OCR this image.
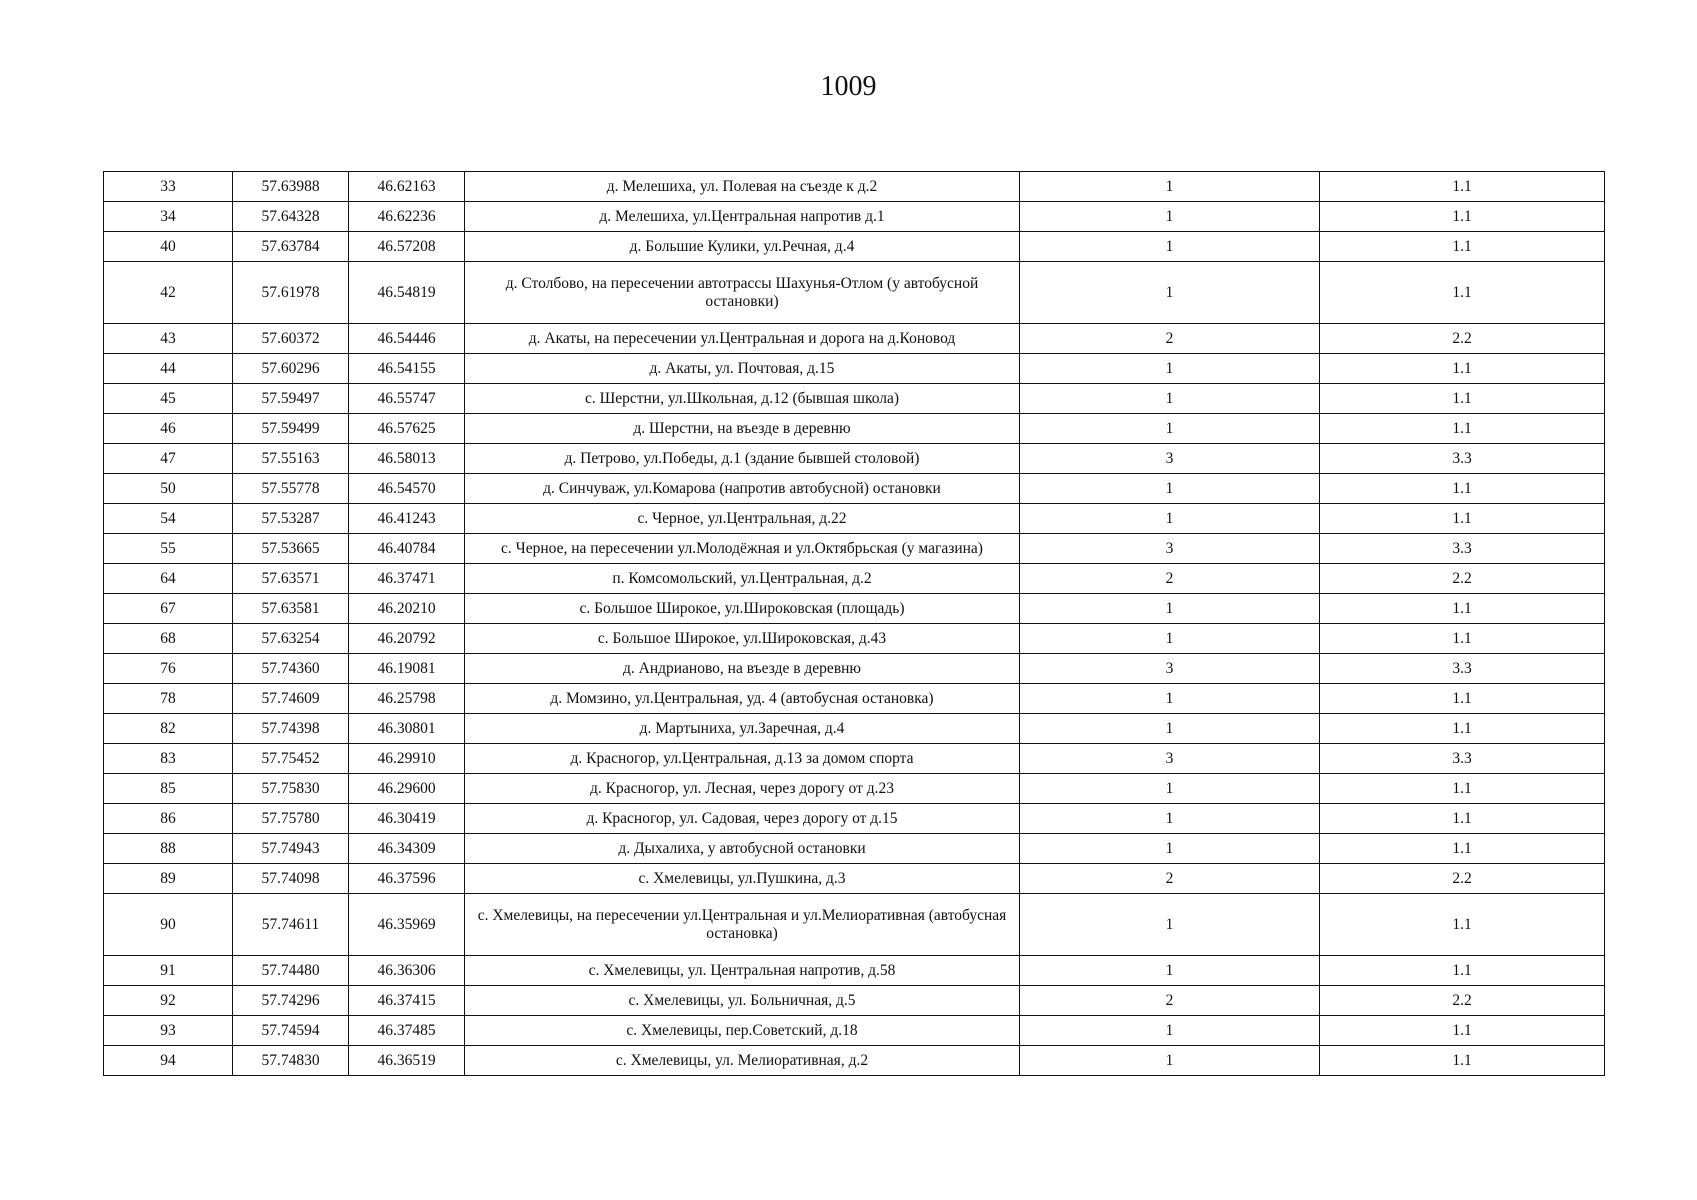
1009
33	57.63988	46.62163	д. Мелешиха, ул. Полевая на съезде к д.2	1	1.1
34	57.64328	46.62236	д. Мелешиха, ул.Центральная напротив д.1	1	1.1
40	57.63784	46.57208	д. Большие Кулики, ул.Речная, д.4	1	1.1
42	57.61978	46.54819	д. Столбово, на пересечении автотрассы Шахунья-Отлом (у автобусной остановки)	1	1.1
43	57.60372	46.54446	д. Акаты, на пересечении ул.Центральная и дорога на д.Коновод	2	2.2
44	57.60296	46.54155	д. Акаты, ул. Почтовая, д.15	1	1.1
45	57.59497	46.55747	с. Шерстни, ул.Школьная, д.12 (бывшая школа)	1	1.1
46	57.59499	46.57625	д. Шерстни, на въезде в деревню	1	1.1
47	57.55163	46.58013	д. Петрово, ул.Победы, д.1 (здание бывшей столовой)	3	3.3
50	57.55778	46.54570	д. Синчуваж, ул.Комарова (напротив автобусной) остановки	1	1.1
54	57.53287	46.41243	с. Черное, ул.Центральная, д.22	1	1.1
55	57.53665	46.40784	с. Черное, на пересечении ул.Молодёжная и ул.Октябрьская (у магазина)	3	3.3
64	57.63571	46.37471	п. Комсомольский, ул.Центральная, д.2	2	2.2
67	57.63581	46.20210	с. Большое Широкое, ул.Широковская (площадь)	1	1.1
68	57.63254	46.20792	с. Большое Широкое, ул.Широковская, д.43	1	1.1
76	57.74360	46.19081	д. Андрианово, на въезде в деревню	3	3.3
78	57.74609	46.25798	д. Момзино, ул.Центральная, уд. 4 (автобусная остановка)	1	1.1
82	57.74398	46.30801	д. Мартыниха, ул.Заречная, д.4	1	1.1
83	57.75452	46.29910	д. Красногор, ул.Центральная, д.13 за домом спорта	3	3.3
85	57.75830	46.29600	д. Красногор, ул. Лесная, через дорогу от д.23	1	1.1
86	57.75780	46.30419	д. Красногор, ул. Садовая, через дорогу от д.15	1	1.1
88	57.74943	46.34309	д. Дыхалиха, у автобусной остановки	1	1.1
89	57.74098	46.37596	с. Хмелевицы, ул.Пушкина, д.3	2	2.2
90	57.74611	46.35969	с. Хмелевицы, на пересечении ул.Центральная и ул.Мелиоративная (автобусная остановка)	1	1.1
91	57.74480	46.36306	с. Хмелевицы, ул. Центральная напротив, д.58	1	1.1
92	57.74296	46.37415	с. Хмелевицы, ул. Больничная, д.5	2	2.2
93	57.74594	46.37485	с. Хмелевицы, пер.Советский, д.18	1	1.1
94	57.74830	46.36519	с. Хмелевицы, ул. Мелиоративная, д.2	1	1.1
